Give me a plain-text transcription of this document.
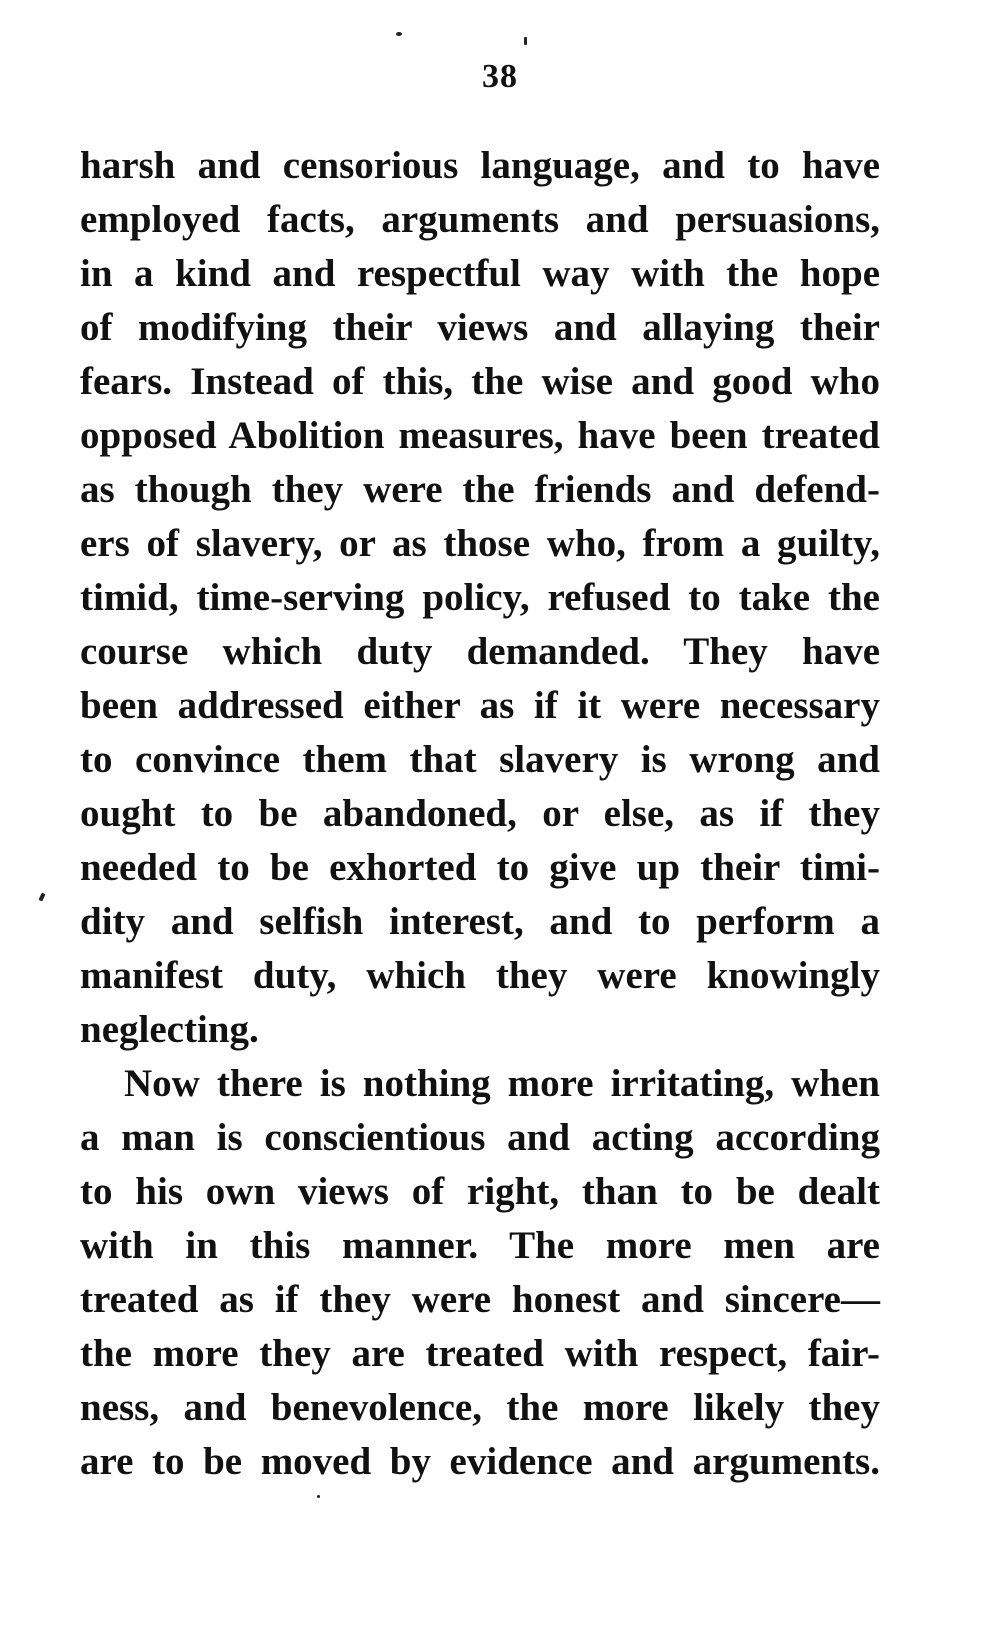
38
harsh and censorious language, and to have
employed facts, arguments and persuasions,
in a kind and respectful way with the hope
of modifying their views and allaying their
fears. Instead of this, the wise and good who
opposed Abolition measures, have been treated
as though they were the friends and defend-
ers of slavery, or as those who, from a guilty,
timid, time-serving policy, refused to take the
course which duty demanded. They have
been addressed either as if it were necessary
to convince them that slavery is wrong and
ought to be abandoned, or else, as if they
needed to be exhorted to give up their timi-
dity and selfish interest, and to perform a
manifest duty, which they were knowingly
neglecting.
Now there is nothing more irritating, when
a man is conscientious and acting according
to his own views of right, than to be dealt
with in this manner. The more men are
treated as if they were honest and sincere—
the more they are treated with respect, fair-
ness, and benevolence, the more likely they
are to be moved by evidence and arguments.
